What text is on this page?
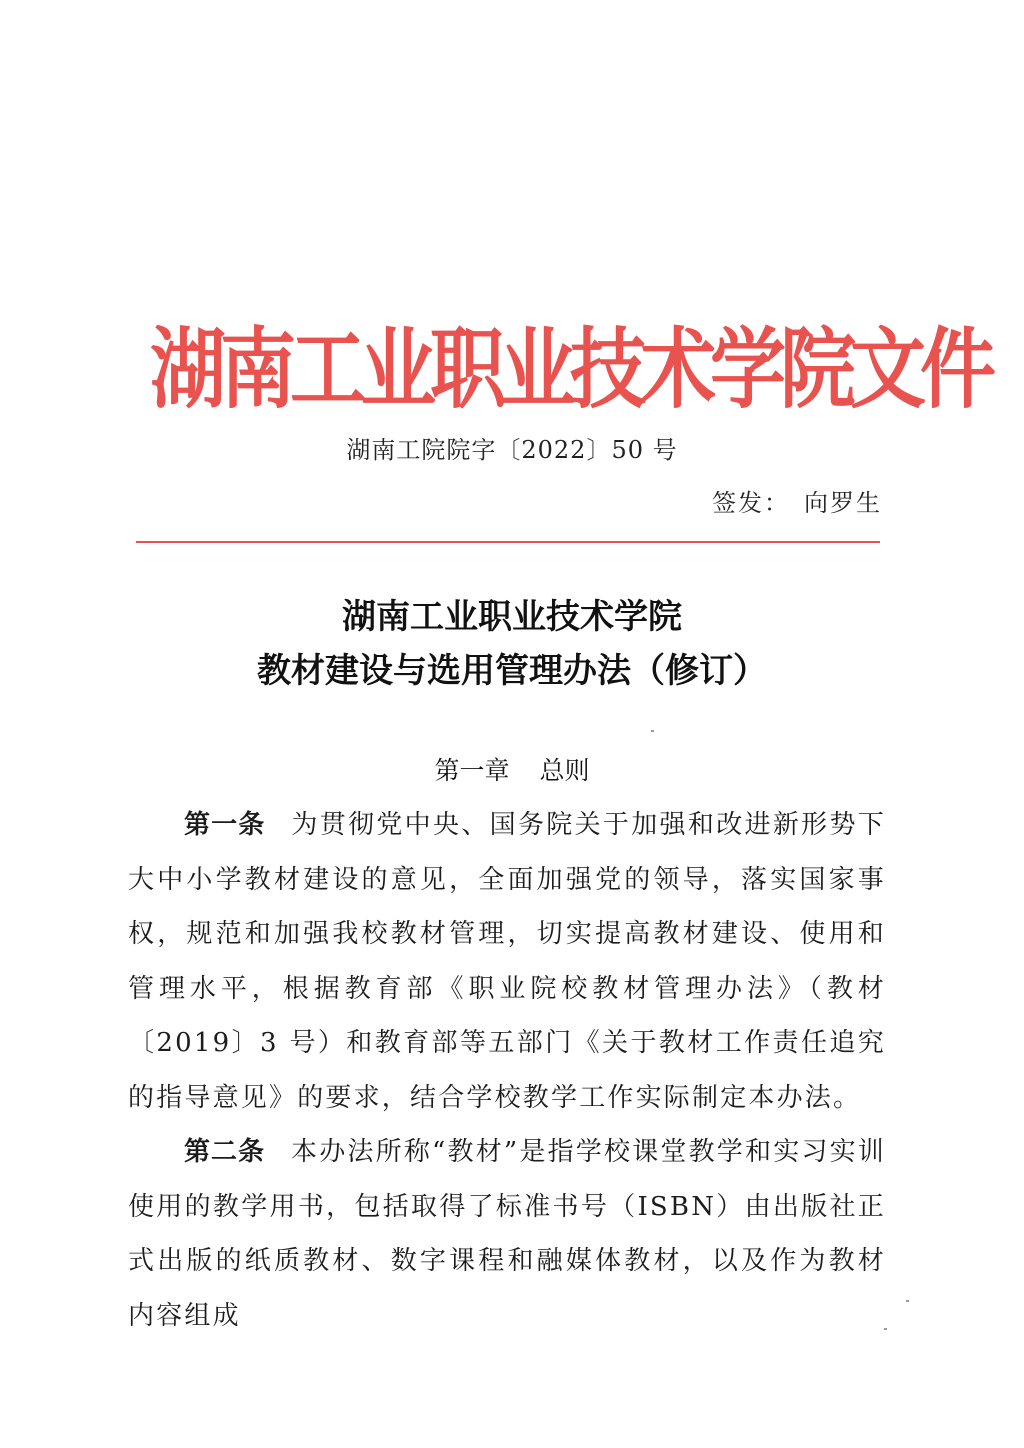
湖南工业职业技术学院文件
湖南工院院字〔2022〕50 号
签发： 向罗生
湖南工业职业技术学院
教材建设与选用管理办法（修订）
第一章 总则

第一条 为贯彻党中央、国务院关于加强和改进新形势下大中小学教材建设的意见，全面加强党的领导，落实国家事权，规范和加强我校教材管理，切实提高教材建设、使用和管理水平，根据教育部《职业院校教材管理办法》（教材〔2019〕3 号）和教育部等五部门《关于教材工作责任追究的指导意见》的要求，结合学校教学工作实际制定本办法。

第二条 本办法所称“教材”是指学校课堂教学和实习实训使用的教学用书，包括取得了标准书号（ISBN）由出版社正式出版的纸质教材、数字课程和融媒体教材，以及作为教材内容组成
